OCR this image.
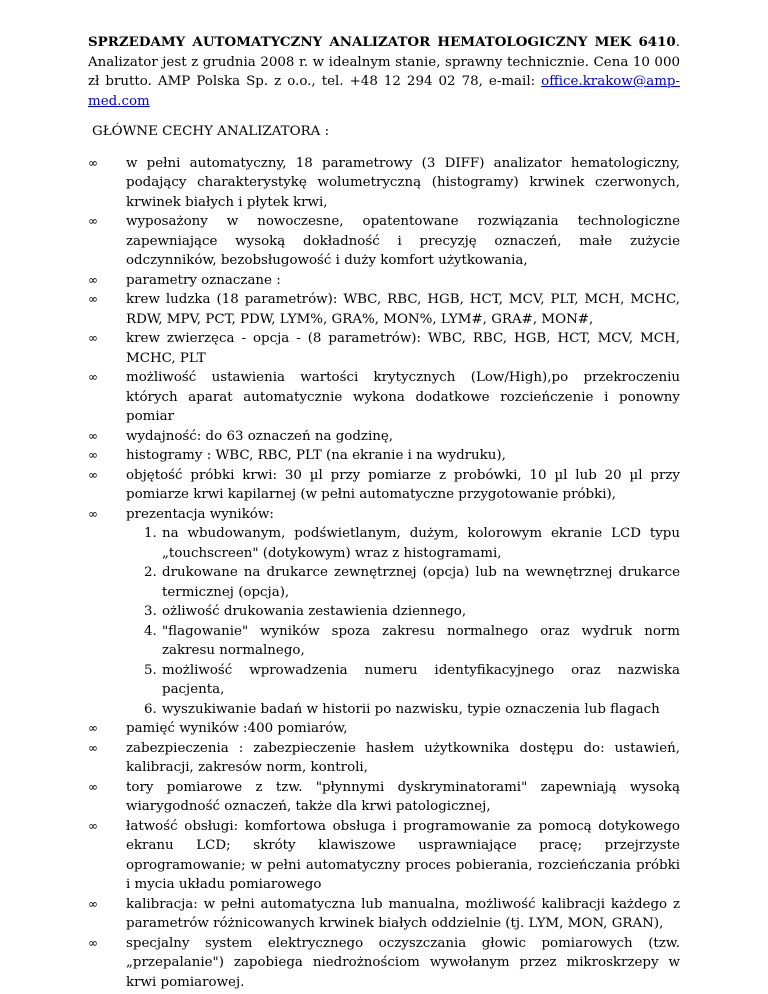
SPRZEDAMY AUTOMATYCZNY ANALIZATOR HEMATOLOGICZNY MEK 6410. Analizator jest z grudnia 2008 r. w idealnym stanie, sprawny technicznie. Cena 10 000 zł brutto. AMP Polska Sp. z o.o., tel. +48 12 294 02 78, e-mail: office.krakow@amp-med.com

GŁÓWNE CECHY ANALIZATORA :
∞	w pełni automatyczny, 18 parametrowy (3 DIFF) analizator hematologiczny, podający charakterystykę wolumetryczną (histogramy) krwinek czerwonych, krwinek białych i płytek krwi,
∞	wyposażony w nowoczesne, opatentowane rozwiązania technologiczne zapewniające wysoką dokładność i precyzję oznaczeń, małe zużycie odczynników, bezobsługowość i duży komfort użytkowania,
∞	parametry oznaczane :
∞	krew ludzka (18 parametrów): WBC, RBC, HGB, HCT, MCV, PLT, MCH, MCHC, RDW, MPV, PCT, PDW, LYM%, GRA%, MON%, LYM#, GRA#, MON#,
∞	krew zwierzęca - opcja - (8 parametrów): WBC, RBC, HGB, HCT, MCV, MCH, MCHC, PLT
∞	możliwość ustawienia wartości krytycznych (Low/High),po przekroczeniu których aparat automatycznie wykona dodatkowe rozcieńczenie i ponowny pomiar
∞	wydajność: do 63 oznaczeń na godzinę,
∞	histogramy : WBC, RBC, PLT (na ekranie i na wydruku),
∞	objętość próbki krwi: 30 µl przy pomiarze z probówki, 10 µl lub 20 µl przy pomiarze krwi kapilarnej (w pełni automatyczne przygotowanie próbki),
∞	prezentacja wyników:
1. na wbudowanym, podświetlanym, dużym, kolorowym ekranie LCD typu „touchscreen" (dotykowym) wraz z histogramami,
2. drukowane na drukarce zewnętrznej (opcja) lub na wewnętrznej drukarce termicznej (opcja),
3. ożliwość drukowania zestawienia dziennego,
4. "flagowanie" wyników spoza zakresu normalnego oraz wydruk norm zakresu normalnego,
5. możliwość wprowadzenia numeru identyfikacyjnego oraz nazwiska pacjenta,
6. wyszukiwanie badań w historii po nazwisku, typie oznaczenia lub flagach
∞	pamięć wyników :400 pomiarów,
∞	zabezpieczenia : zabezpieczenie hasłem użytkownika dostępu do: ustawień, kalibracji, zakresów norm, kontroli,
∞	tory pomiarowe z tzw. "płynnymi dyskryminatorami" zapewniają wysoką wiarygodność oznaczeń, także dla krwi patologicznej,
∞	łatwość obsługi: komfortowa obsługa i programowanie za pomocą dotykowego ekranu LCD; skróty klawiszowe usprawniające pracę; przejrzyste oprogramowanie; w pełni automatyczny proces pobierania, rozcieńczania próbki i mycia układu pomiarowego
∞	kalibracja: w pełni automatyczna lub manualna, możliwość kalibracji każdego z parametrów różnicowanych krwinek białych oddzielnie (tj. LYM, MON, GRAN),
∞	specjalny system elektrycznego oczyszczania głowic pomiarowych (tzw. „przepalanie") zapobiega niedrożnościom wywołanym przez mikroskrzepy w krwi pomiarowej.
